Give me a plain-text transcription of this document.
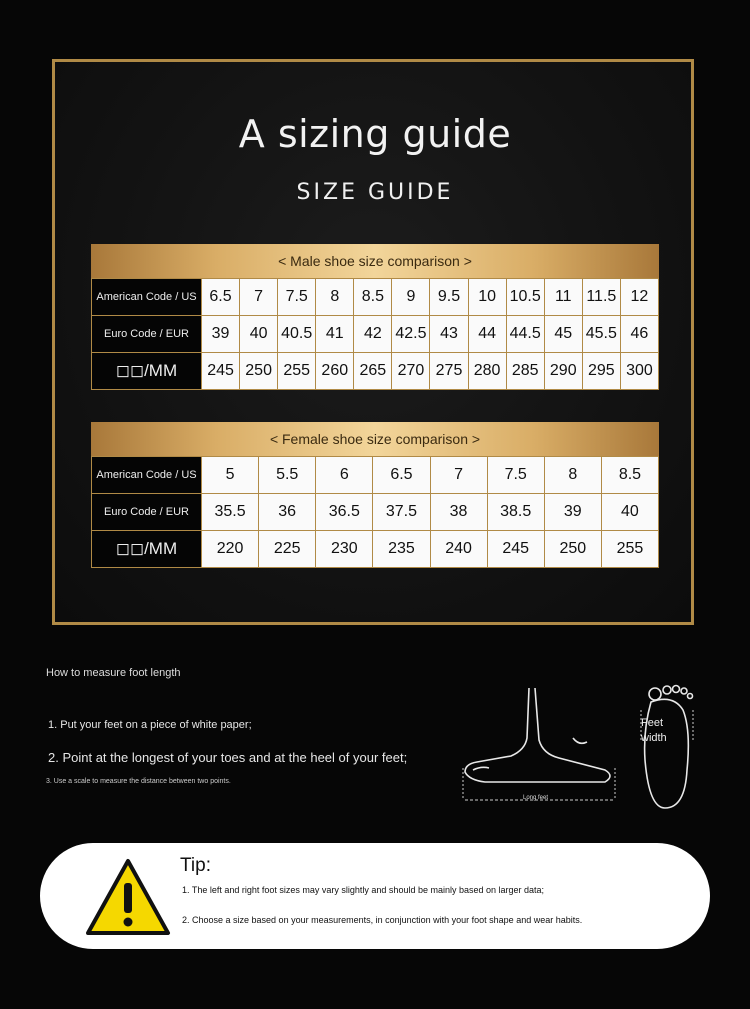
A sizing guide
SIZE GUIDE
< Male shoe size comparison >
American Code / US	6.5	7	7.5	8	8.5	9	9.5	10	10.5	11	11.5	12
Euro Code / EUR	39	40	40.5	41	42	42.5	43	44	44.5	45	45.5	46
◻◻/MM	245	250	255	260	265	270	275	280	285	290	295	300
< Female shoe size comparison >
American Code / US	5	5.5	6	6.5	7	7.5	8	8.5
Euro Code / EUR	35.5	36	36.5	37.5	38	38.5	39	40
◻◻/MM	220	225	230	235	240	245	250	255
How to measure foot length
1. Put your feet on a piece of white paper;
2. Point at the longest of your toes and at the heel of your feet;
3. Use a scale to measure the distance between two points.
Long feet
Feet
width
Tip:
1. The left and right foot sizes may vary slightly and should be mainly based on larger data;
2. Choose a size based on your measurements, in conjunction with your foot shape and wear habits.
